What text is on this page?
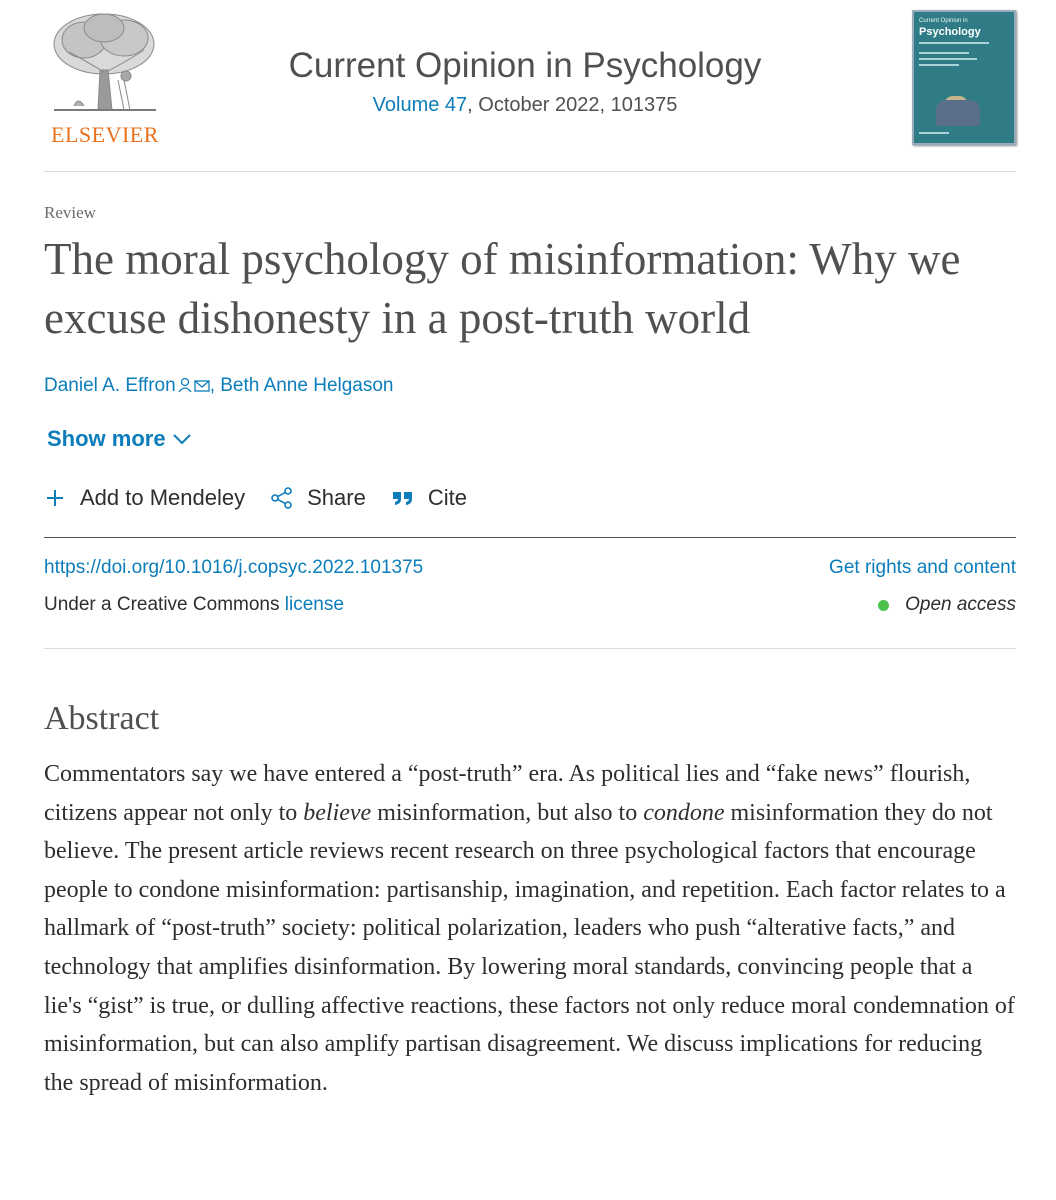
ELSEVIER
Current Opinion in Psychology
Volume 47, October 2022, 101375
Current Opinion in
Psychology
Review
The moral psychology of misinformation: Why we excuse dishonesty in a post-truth world
Daniel A. Effron , Beth Anne Helgason
Show more
Add to Mendeley	Share	Cite
https://doi.org/10.1016/j.copsyc.2022.101375	Get rights and content
Under a Creative Commons license	Open access
Abstract
Commentators say we have entered a “post-truth” era. As political lies and “fake news” flourish, citizens appear not only to believe misinformation, but also to condone misinformation they do not believe. The present article reviews recent research on three psychological factors that encourage people to condone misinformation: partisanship, imagination, and repetition. Each factor relates to a hallmark of “post-truth” society: political polarization, leaders who push “alterative facts,” and technology that amplifies disinformation. By lowering moral standards, convincing people that a lie's “gist” is true, or dulling affective reactions, these factors not only reduce moral condemnation of misinformation, but can also amplify partisan disagreement. We discuss implications for reducing the spread of misinformation.
